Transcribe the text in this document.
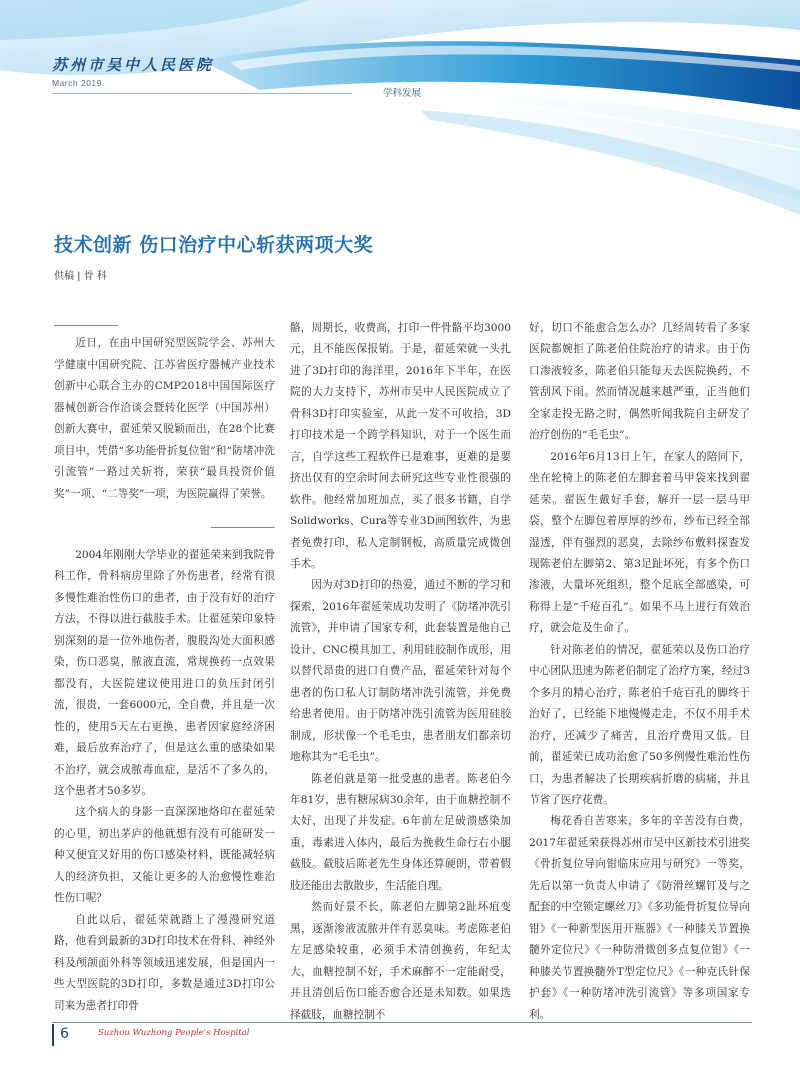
苏州市吴中人民医院
March 2019
学科发展
技术创新 伤口治疗中心斩获两项大奖
供稿 | 骨 科
近日，在由中国研究型医院学会、苏州大学健康中国研究院、江苏省医疗器械产业技术创新中心联合主办的CMP2018中国国际医疗器械创新合作洽谈会暨转化医学（中国苏州）创新大赛中，翟延荣又脱颖而出，在28个比赛项目中，凭借“多功能骨折复位钳”和“防堵冲洗引流管”一路过关斩将，荣获“最具投资价值奖”一项、“二等奖”一项，为医院赢得了荣誉。

2004年刚刚大学毕业的翟延荣来到我院骨科工作，骨科病房里除了外伤患者，经常有很多慢性难治性伤口的患者，由于没有好的治疗方法，不得以进行截肢手术。让翟延荣印象特别深刻的是一位外地伤者，腹股沟处大面积感染，伤口恶臭，脓液直流，常规换药一点效果都没有，大医院建议使用进口的负压封闭引流，很贵，一套6000元，全自费，并且是一次性的，使用5天左右更换，患者因家庭经济困难，最后放弃治疗了，但是这么重的感染如果不治疗，就会成脓毒血症，是活不了多久的，这个患者才50多岁。

这个病人的身影一直深深地烙印在翟延荣的心里，初出茅庐的他就想有没有可能研发一种又便宜又好用的伤口感染材料，既能减轻病人的经济负担，又能让更多的人治愈慢性难治性伤口呢？

自此以后，翟延荣就踏上了漫漫研究道路，他看到最新的3D打印技术在骨科、神经外科及颅颌面外科等领域迅速发展，但是国内一些大型医院的3D打印，多数是通过3D打印公司来为患者打印骨

骼，周期长，收费高，打印一件骨骼平均3000元，且不能医保报销。于是，翟延荣就一头扎进了3D打印的海洋里，2016年下半年，在医院的大力支持下，苏州市吴中人民医院成立了骨科3D打印实验室，从此一发不可收拾，3D打印技术是一个跨学科知识，对于一个医生而言，自学这些工程软件已是难事，更难的是要挤出仅有的空余时间去研究这些专业性很强的软件。他经常加班加点，买了很多书籍，自学Solidworks、Cura等专业3D画图软件，为患者免费打印，私人定制钢板，高质量完成微创手术。

因为对3D打印的热爱，通过不断的学习和探索，2016年翟延荣成功发明了《防堵冲洗引流管》，并申请了国家专利，此套装置是他自己设计、CNC模具加工、利用硅胶制作成形，用以替代昂贵的进口自费产品，翟延荣针对每个患者的伤口私人订制防堵冲洗引流管，并免费给患者使用。由于防堵冲洗引流管为医用硅胶制成，形状像一个毛毛虫，患者朋友们都亲切地称其为“毛毛虫”。

陈老伯就是第一批受惠的患者。陈老伯今年81岁，患有糖尿病30余年，由于血糖控制不太好，出现了并发症。6年前左足破溃感染加重，毒素进入体内，最后为挽救生命行右小腿截肢。截肢后陈老先生身体还算硬朗，带着假肢还能出去散散步，生活能自理。

然而好景不长，陈老伯左脚第2趾坏疽变黑，逐渐渗液流脓并伴有恶臭味。考虑陈老伯左足感染较重，必须手术清创换药，年纪太大，血糖控制不好，手术麻醉不一定能耐受，并且清创后伤口能否愈合还是未知数。如果选择截肢，血糖控制不

好，切口不能愈合怎么办？几经周转看了多家医院都婉拒了陈老伯住院治疗的请求。由于伤口渗液较多，陈老伯只能每天去医院换药，不管刮风下雨。然而情况越来越严重，正当他们全家走投无路之时，偶然听闻我院自主研发了治疗创伤的“毛毛虫”。

2016年6月13日上午，在家人的陪同下，坐在轮椅上的陈老伯左脚套着马甲袋来找到翟延荣。翟医生戴好手套，解开一层一层马甲袋，整个左脚包着厚厚的纱布，纱布已经全部湿透，伴有强烈的恶臭，去除纱布敷料探查发现陈老伯左脚第2、第3足趾坏死，有多个伤口渗液，大量坏死组织，整个足底全部感染，可称得上是“千疮百孔”。如果不马上进行有效治疗，就会危及生命了。

针对陈老伯的情况，翟延荣以及伤口治疗中心团队迅速为陈老伯制定了治疗方案，经过3个多月的精心治疗，陈老伯千疮百孔的脚终于治好了，已经能下地慢慢走走，不仅不用手术治疗，还减少了痛苦，且治疗费用又低。目前，翟延荣已成功治愈了50多例慢性难治性伤口，为患者解决了长期疾病折磨的病痛，并且节省了医疗花费。

梅花香自苦寒来，多年的辛苦没有白费，2017年翟延荣获得苏州市吴中区新技术引进奖《骨折复位导向钳临床应用与研究》一等奖，先后以第一负责人申请了《防滑丝螺钉及与之配套的中空锁定螺丝刀》《多功能骨折复位导向钳》《一种新型医用开瓶器》《一种膝关节置换髓外定位尺》《一种防滑微创多点复位钳》《一种膝关节置换髓外T型定位尺》《一种克氏针保护套》《一种防堵冲洗引流管》等多项国家专利。

6	Suzhou Wuzhong People's Hospital
